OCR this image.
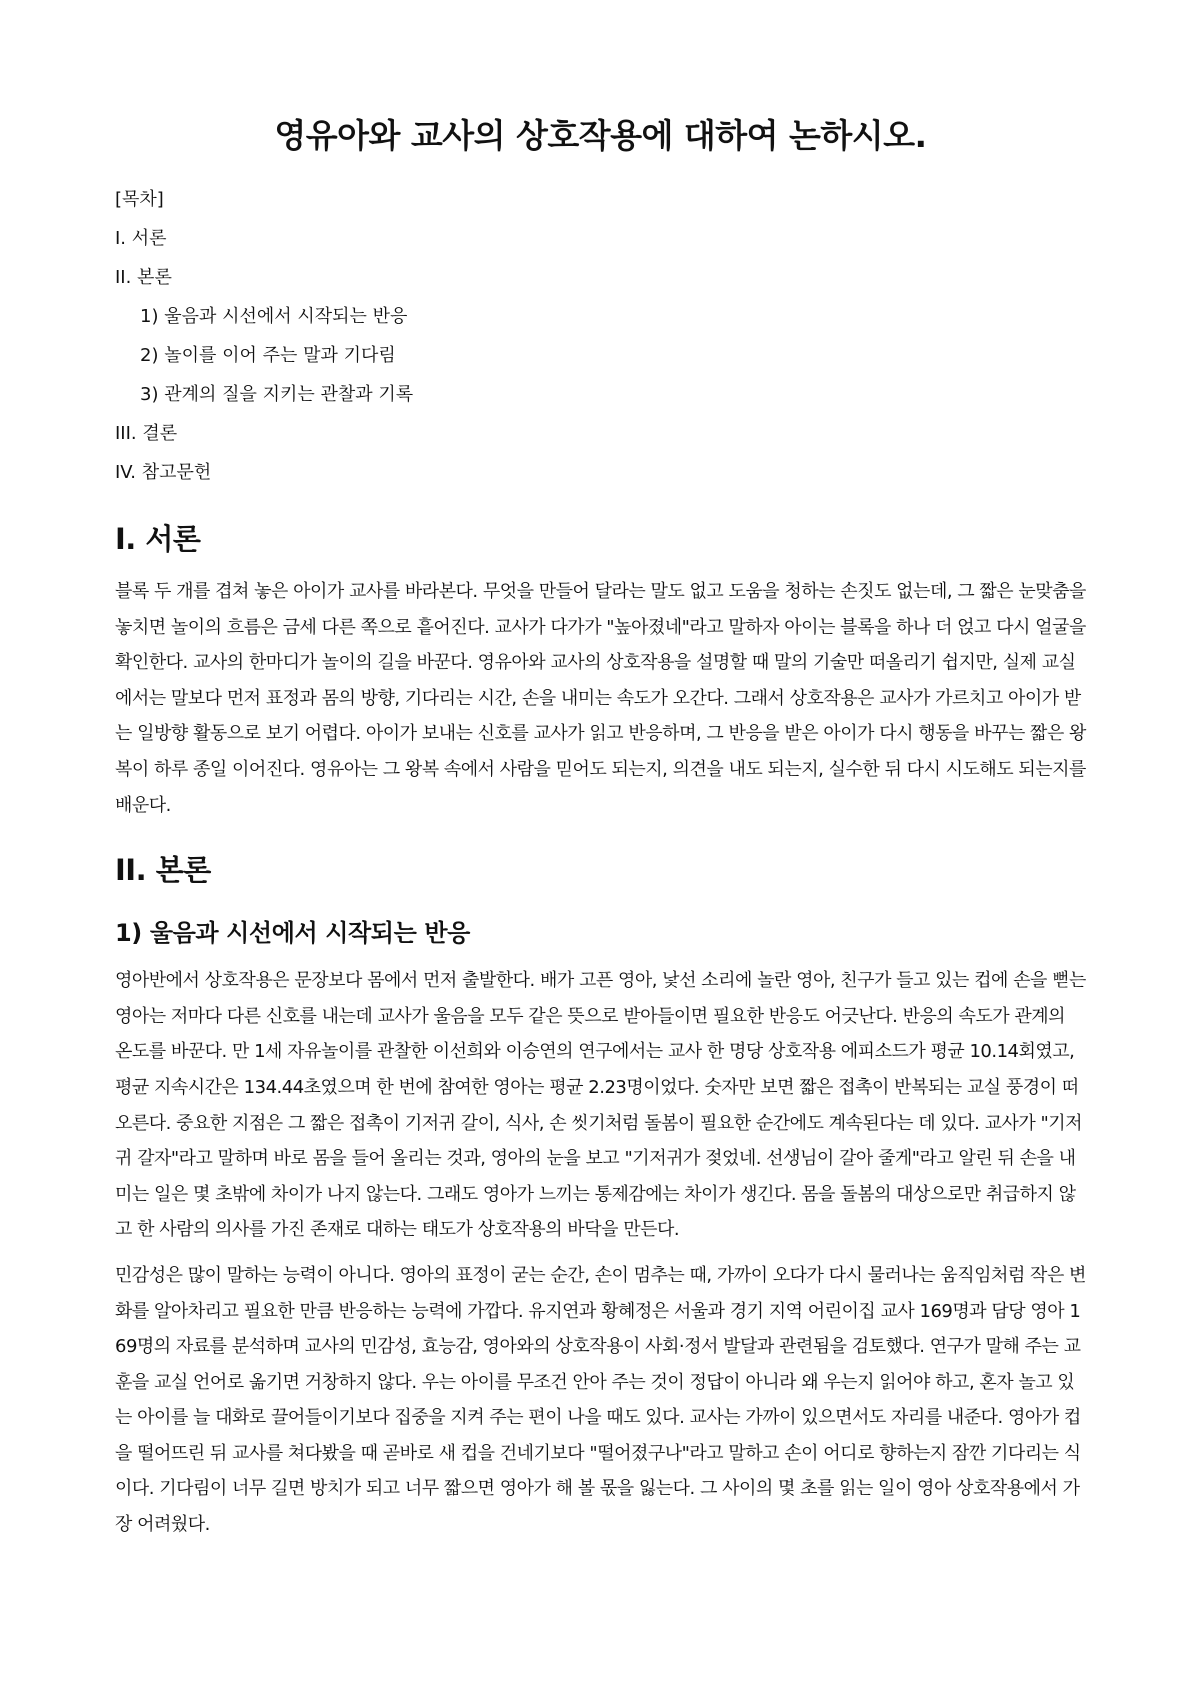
영유아와 교사의 상호작용에 대하여 논하시오.
[목차]
I. 서론
II. 본론
1) 울음과 시선에서 시작되는 반응
2) 놀이를 이어 주는 말과 기다림
3) 관계의 질을 지키는 관찰과 기록
III. 결론
IV. 참고문헌
I. 서론

블록 두 개를 겹쳐 놓은 아이가 교사를 바라본다. 무엇을 만들어 달라는 말도 없고 도움을 청하는 손짓도 없는데, 그 짧은 눈맞춤을 놓치면 놀이의 흐름은 금세 다른 쪽으로 흩어진다. 교사가 다가가 "높아졌네"라고 말하자 아이는 블록을 하나 더 얹고 다시 얼굴을 확인한다. 교사의 한마디가 놀이의 길을 바꾼다. 영유아와 교사의 상호작용을 설명할 때 말의 기술만 떠올리기 쉽지만, 실제 교실에서는 말보다 먼저 표정과 몸의 방향, 기다리는 시간, 손을 내미는 속도가 오간다. 그래서 상호작용은 교사가 가르치고 아이가 받는 일방향 활동으로 보기 어렵다. 아이가 보내는 신호를 교사가 읽고 반응하며, 그 반응을 받은 아이가 다시 행동을 바꾸는 짧은 왕복이 하루 종일 이어진다. 영유아는 그 왕복 속에서 사람을 믿어도 되는지, 의견을 내도 되는지, 실수한 뒤 다시 시도해도 되는지를 배운다.

II. 본론
1) 울음과 시선에서 시작되는 반응

영아반에서 상호작용은 문장보다 몸에서 먼저 출발한다. 배가 고픈 영아, 낯선 소리에 놀란 영아, 친구가 들고 있는 컵에 손을 뻗는 영아는 저마다 다른 신호를 내는데 교사가 울음을 모두 같은 뜻으로 받아들이면 필요한 반응도 어긋난다. 반응의 속도가 관계의 온도를 바꾼다. 만 1세 자유놀이를 관찰한 이선희와 이승연의 연구에서는 교사 한 명당 상호작용 에피소드가 평균 10.14회였고, 평균 지속시간은 134.44초였으며 한 번에 참여한 영아는 평균 2.23명이었다. 숫자만 보면 짧은 접촉이 반복되는 교실 풍경이 떠오른다. 중요한 지점은 그 짧은 접촉이 기저귀 갈이, 식사, 손 씻기처럼 돌봄이 필요한 순간에도 계속된다는 데 있다. 교사가 "기저귀 갈자"라고 말하며 바로 몸을 들어 올리는 것과, 영아의 눈을 보고 "기저귀가 젖었네. 선생님이 갈아 줄게"라고 알린 뒤 손을 내미는 일은 몇 초밖에 차이가 나지 않는다. 그래도 영아가 느끼는 통제감에는 차이가 생긴다. 몸을 돌봄의 대상으로만 취급하지 않고 한 사람의 의사를 가진 존재로 대하는 태도가 상호작용의 바닥을 만든다.

민감성은 많이 말하는 능력이 아니다. 영아의 표정이 굳는 순간, 손이 멈추는 때, 가까이 오다가 다시 물러나는 움직임처럼 작은 변화를 알아차리고 필요한 만큼 반응하는 능력에 가깝다. 유지연과 황혜정은 서울과 경기 지역 어린이집 교사 169명과 담당 영아 169명의 자료를 분석하며 교사의 민감성, 효능감, 영아와의 상호작용이 사회·정서 발달과 관련됨을 검토했다. 연구가 말해 주는 교훈을 교실 언어로 옮기면 거창하지 않다. 우는 아이를 무조건 안아 주는 것이 정답이 아니라 왜 우는지 읽어야 하고, 혼자 놀고 있는 아이를 늘 대화로 끌어들이기보다 집중을 지켜 주는 편이 나을 때도 있다. 교사는 가까이 있으면서도 자리를 내준다. 영아가 컵을 떨어뜨린 뒤 교사를 쳐다봤을 때 곧바로 새 컵을 건네기보다 "떨어졌구나"라고 말하고 손이 어디로 향하는지 잠깐 기다리는 식이다. 기다림이 너무 길면 방치가 되고 너무 짧으면 영아가 해 볼 몫을 잃는다. 그 사이의 몇 초를 읽는 일이 영아 상호작용에서 가장 어려웠다.
